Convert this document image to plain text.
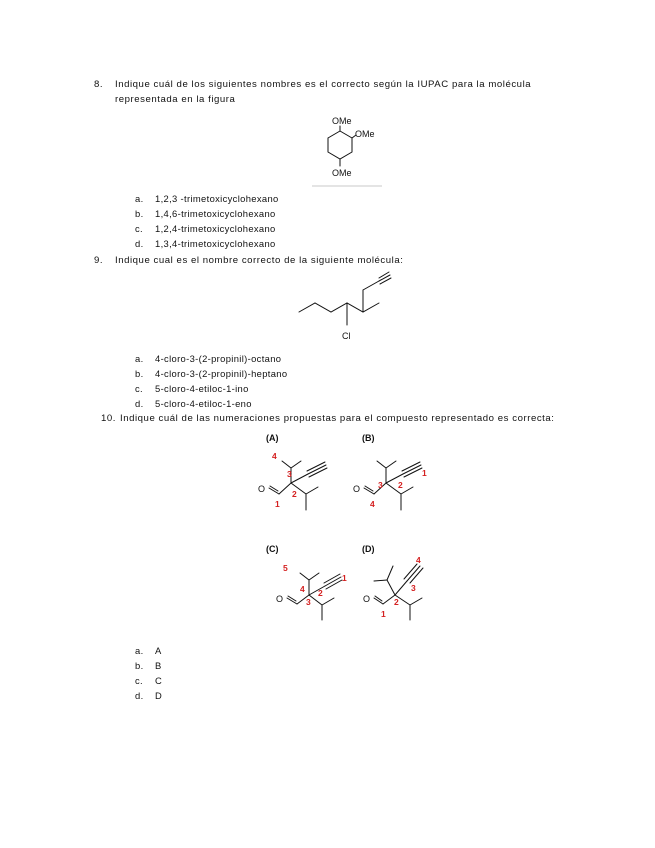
8. Indique cuál de los siguientes nombres es el correcto según la IUPAC para la molécula
representada en la figura
OMe
OMe
OMe
a. 1,2,3 -trimetoxicyclohexano
b. 1,4,6-trimetoxicyclohexano
c. 1,2,4-trimetoxicyclohexano
d. 1,3,4-trimetoxicyclohexano
9. Indique cual es el nombre correcto de la siguiente molécula:
Cl
a. 4-cloro-3-(2-propinil)-octano
b. 4-cloro-3-(2-propinil)-heptano
c. 5-cloro-4-etiloc-1-ino
d. 5-cloro-4-etiloc-1-eno
10. Indique cuál de las numeraciones propuestas para el compuesto representado es correcta:
(A)
O
4
3
2
1
(B)
O
1
2
3
4
(C)
O
5
4 2
1
3
(D)
O
4
3
2
1
a. A
b. B
c. C
d. D
